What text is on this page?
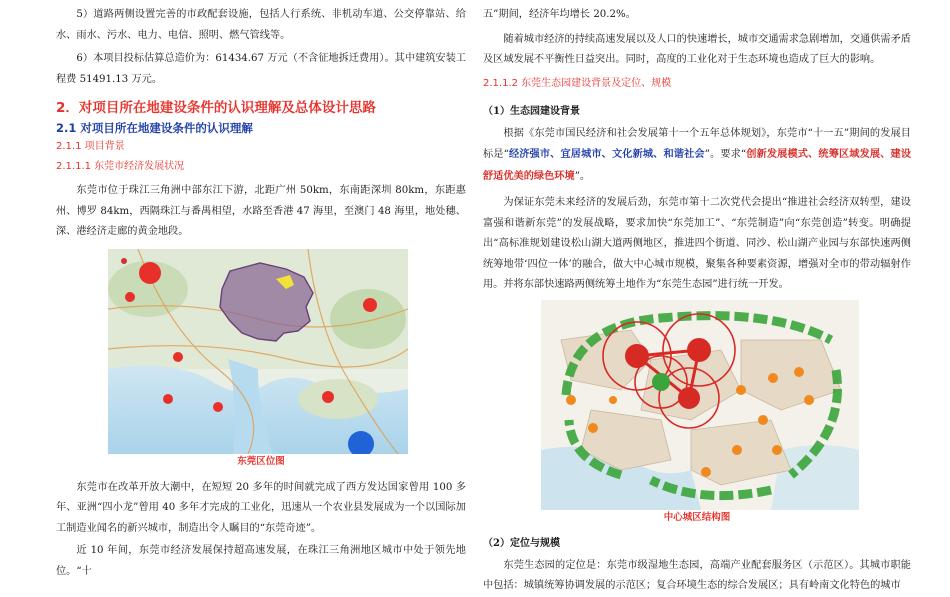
5）道路两侧设置完善的市政配套设施，包括人行系统、非机动车道、公交停靠站、给水、雨水、污水、电力、电信、照明、燃气管线等。

6）本项目投标估算总造价为：61434.67 万元（不含征地拆迁费用）。其中建筑安装工程费 51491.13 万元。

2．对项目所在地建设条件的认识理解及总体设计思路
2.1 对项目所在地建设条件的认识理解
2.1.1 项目背景
2.1.1.1 东莞市经济发展状况

东莞市位于珠江三角洲中部东江下游，北距广州 50km，东南距深圳 80km，东距惠州、博罗 84km，西隔珠江与番禺相望，水路至香港 47 海里，至澳门 48 海里，地处穗、深、港经济走廊的黄金地段。

东莞区位图

东莞市在改革开放大潮中，在短短 20 多年的时间就完成了西方发达国家曾用 100 多年、亚洲“四小龙”曾用 40 多年才完成的工业化，迅速从一个农业县发展成为一个以国际加工制造业闻名的新兴城市，制造出令人瞩目的“东莞奇迹”。

近 10 年间，东莞市经济发展保持超高速发展，在珠江三角洲地区城市中处于领先地位。“十

五”期间，经济年均增长 20.2%。

随着城市经济的持续高速发展以及人口的快速增长，城市交通需求急剧增加，交通供需矛盾及区域发展不平衡性日益突出。同时，高度的工业化对于生态环境也造成了巨大的影响。

2.1.1.2 东莞生态园建设背景及定位、规模
（1）生态园建设背景

根据《东莞市国民经济和社会发展第十一个五年总体规划》，东莞市“十一五”期间的发展目标是“经济强市、宜居城市、文化新城、和谐社会”。要求“创新发展模式、统筹区域发展、建设舒适优美的绿色环境”。

为保证东莞未来经济的发展后劲，东莞市第十二次党代会提出“推进社会经济双转型，建设富强和谐新东莞”的发展战略，要求加快“东莞加工”、“东莞制造”向“东莞创造”转变。明确提出“高标准规划建设松山湖大道两侧地区，推进四个街道、同沙、松山湖产业园与东部快速两侧统筹地带‘四位一体’的融合，做大中心城市规模，聚集各种要素资源，增强对全市的带动辐射作用。并将东部快速路两侧统筹土地作为“东莞生态园”进行统一开发。

中心城区结构图

（2）定位与规模

东莞生态园的定位是：东莞市级湿地生态园，高端产业配套服务区（示范区）。其城市职能中包括：城镇统筹协调发展的示范区；复合环境生态的综合发展区；具有岭南文化特色的城市
